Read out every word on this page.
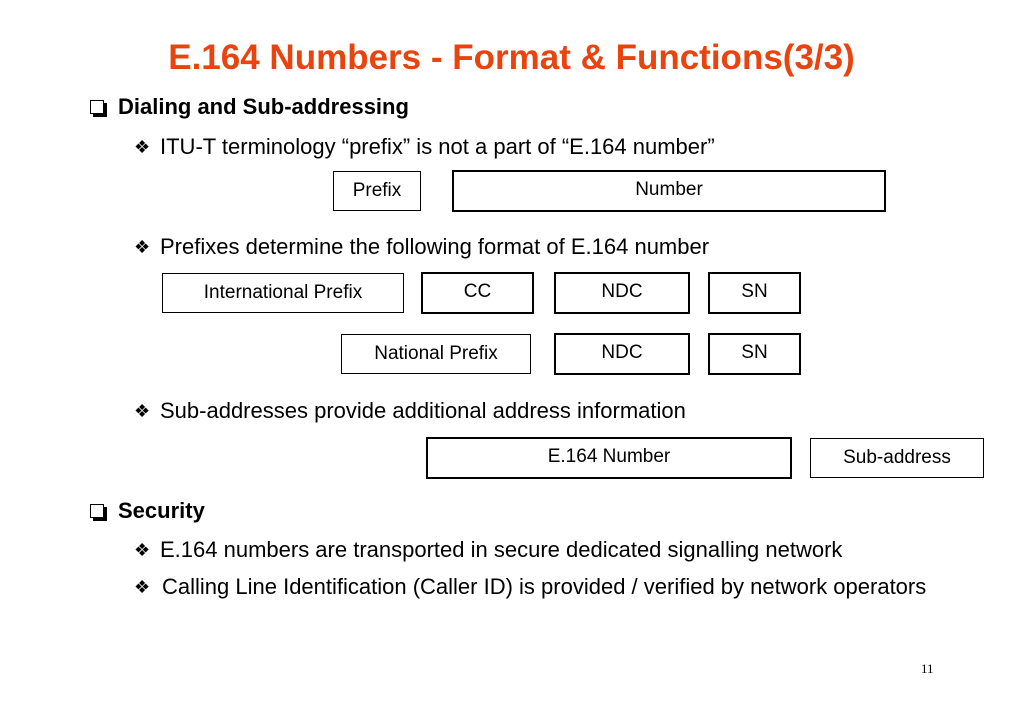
E.164 Numbers - Format & Functions(3/3)
Dialing and Sub-addressing
❖ ITU-T terminology “prefix” is not a part of “E.164 number”
Prefix	Number
❖ Prefixes determine the following format of E.164 number
International Prefix	CC	NDC	SN
National Prefix	NDC	SN
❖ Sub-addresses provide additional address information
E.164 Number	Sub-address
Security
❖ E.164 numbers are transported in secure dedicated signalling network
❖ Calling Line Identification (Caller ID) is provided / verified by network operators
11
